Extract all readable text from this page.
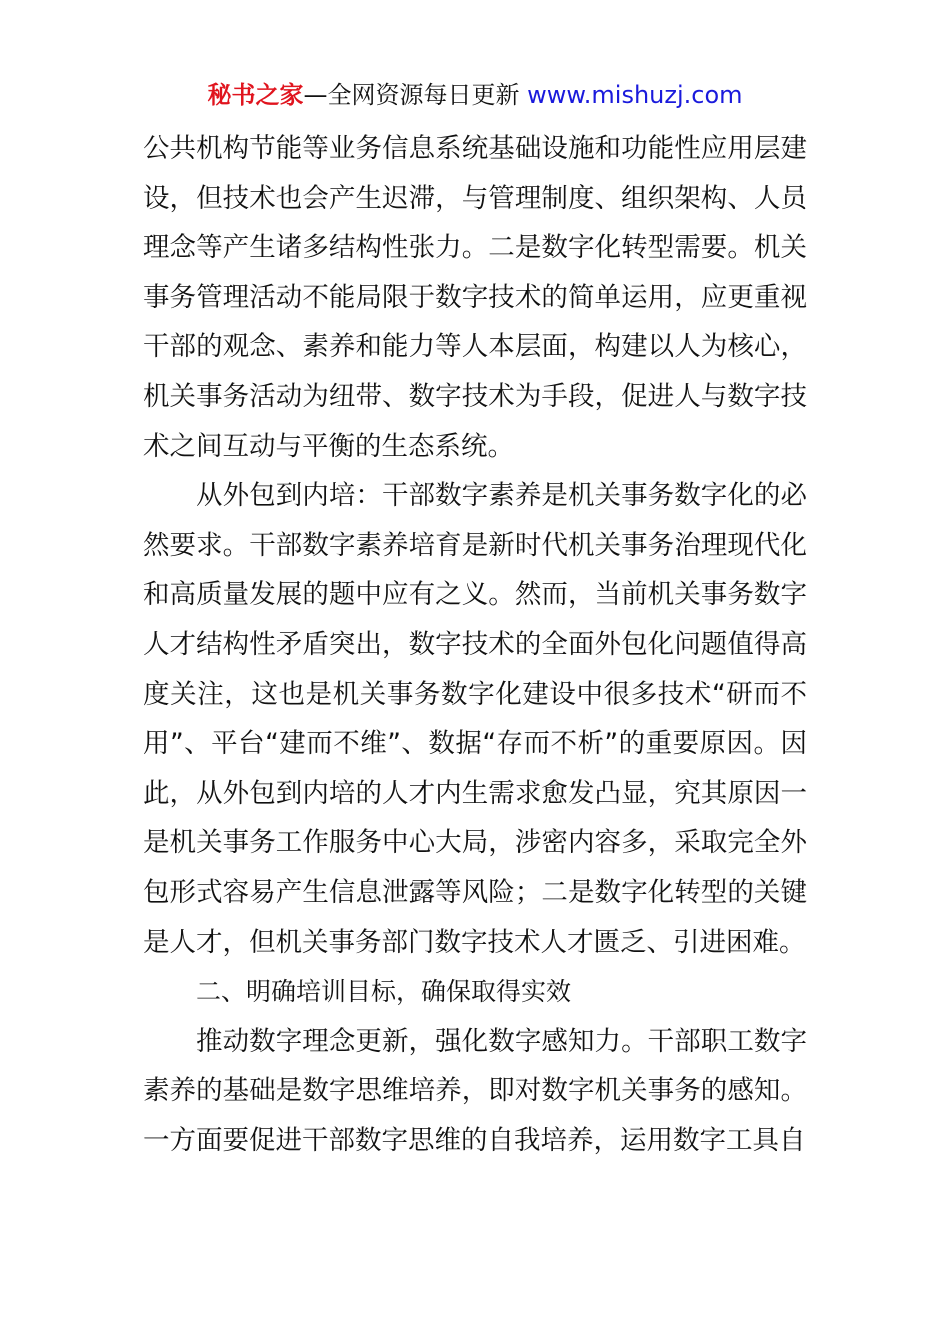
秘书之家—全网资源每日更新 www.mishuzj.com

公共机构节能等业务信息系统基础设施和功能性应用层建设，但技术也会产生迟滞，与管理制度、组织架构、人员理念等产生诸多结构性张力。二是数字化转型需要。机关事务管理活动不能局限于数字技术的简单运用，应更重视干部的观念、素养和能力等人本层面，构建以人为核心，机关事务活动为纽带、数字技术为手段，促进人与数字技术之间互动与平衡的生态系统。

从外包到内培：干部数字素养是机关事务数字化的必然要求。干部数字素养培育是新时代机关事务治理现代化和高质量发展的题中应有之义。然而，当前机关事务数字人才结构性矛盾突出，数字技术的全面外包化问题值得高度关注，这也是机关事务数字化建设中很多技术“研而不用”、平台“建而不维”、数据“存而不析”的重要原因。因此，从外包到内培的人才内生需求愈发凸显，究其原因一是机关事务工作服务中心大局，涉密内容多，采取完全外包形式容易产生信息泄露等风险；二是数字化转型的关键是人才，但机关事务部门数字技术人才匮乏、引进困难。

二、明确培训目标，确保取得实效

推动数字理念更新，强化数字感知力。干部职工数字素养的基础是数字思维培养，即对数字机关事务的感知。一方面要促进干部数字思维的自我培养，运用数字工具自
